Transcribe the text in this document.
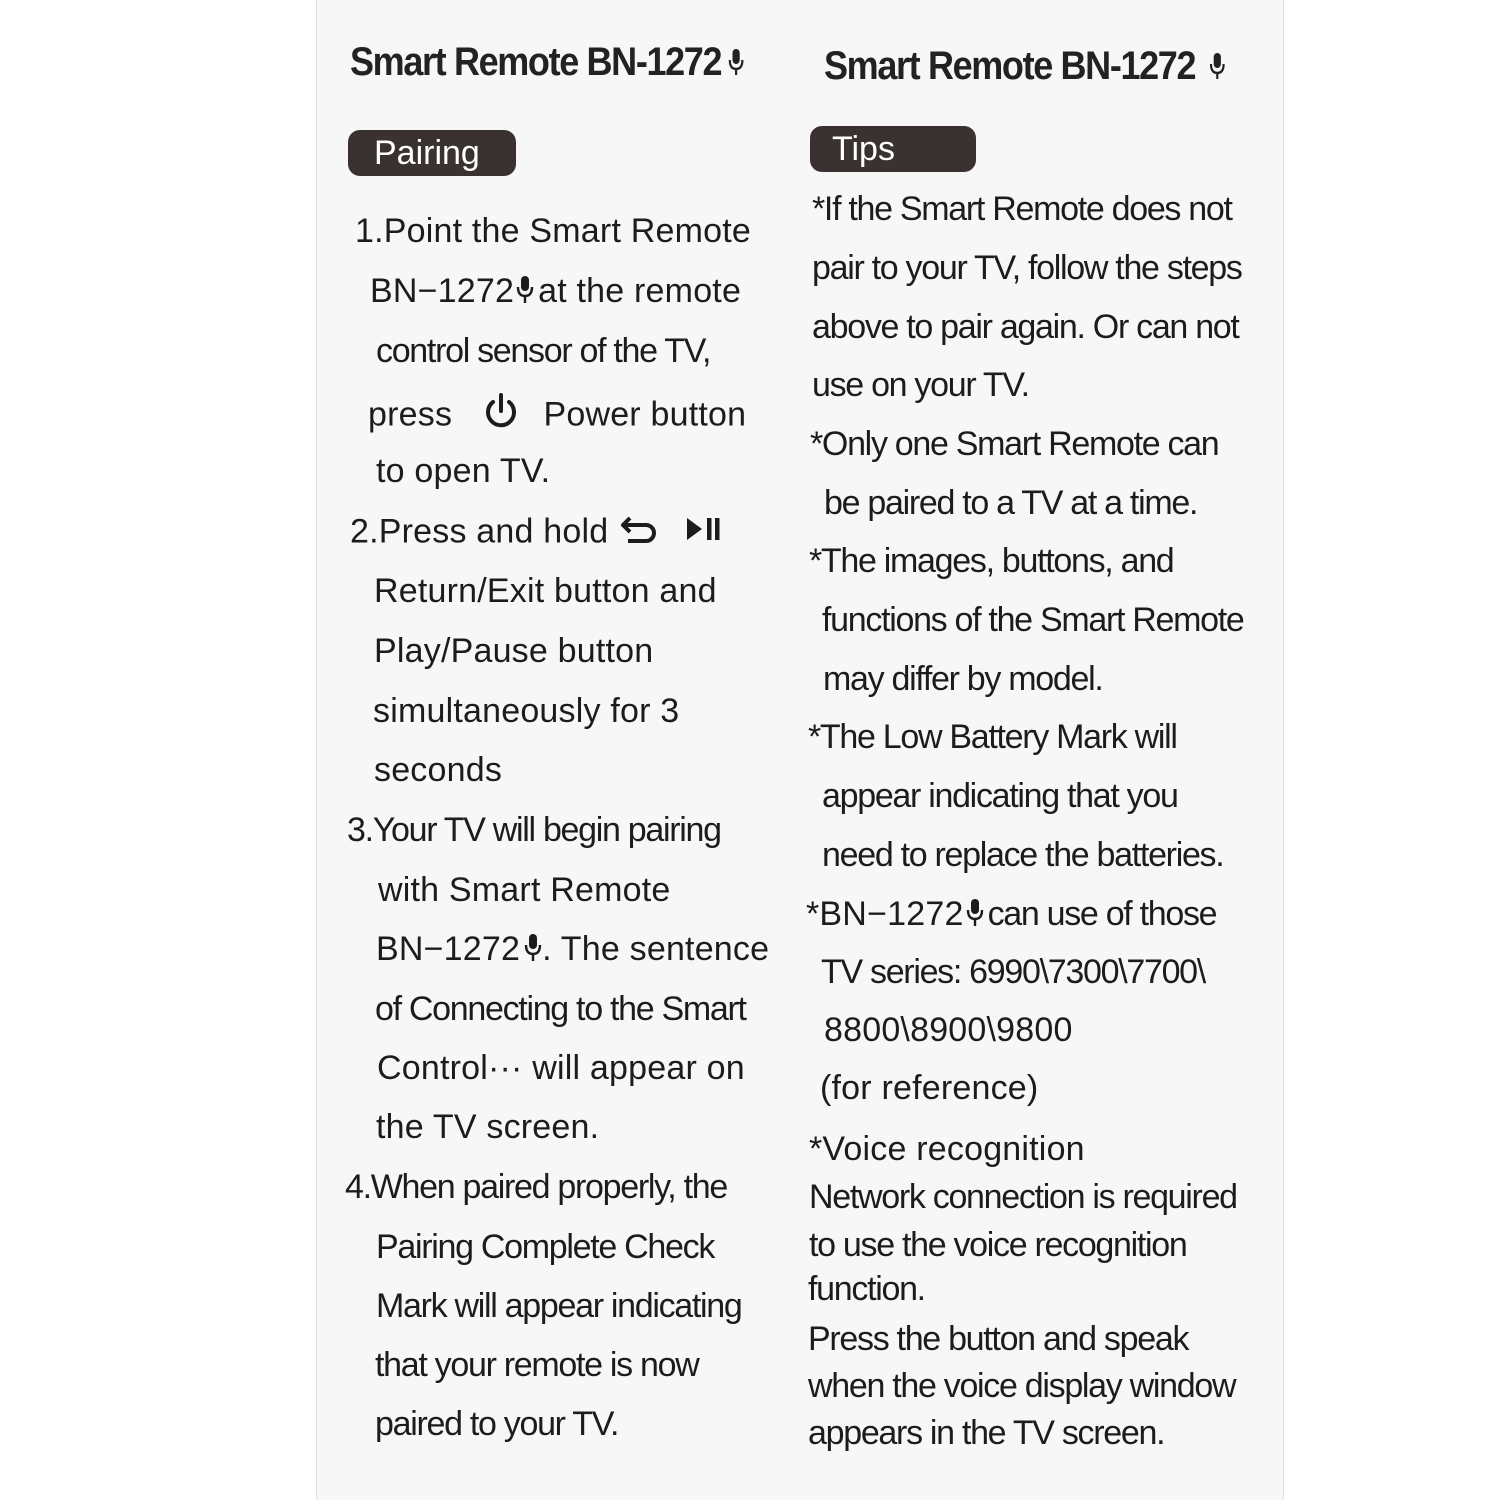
Smart Remote BN-1272	Smart Remote BN-1272
Pairing	Tips
1.Point the Smart Remote
BN−1272 at the remote
control sensor of the TV,
press	Power button
to open TV.
2.Press and hold
Return/Exit button and
Play/Pause button
simultaneously for 3
seconds
3.Your TV will begin pairing
with Smart Remote
BN−1272 . The sentence
of Connecting to the Smart
Control··· will appear on
the TV screen.
4.When paired properly, the
Pairing Complete Check
Mark will appear indicating
that your remote is now
paired to your TV.
*If the Smart Remote does not
pair to your TV, follow the steps
above to pair again. Or can not
use on your TV.
*Only one Smart Remote can
be paired to a TV at a time.
*The images, buttons, and
functions of the Smart Remote
may differ by model.
*The Low Battery Mark will
appear indicating that you
need to replace the batteries.
*BN−1272 can use of those
TV series: 6990\7300\7700\
8800\8900\9800
(for reference)
*Voice recognition
Network connection is required
to use the voice recognition
function.
Press the button and speak
when the voice display window
appears in the TV screen.
